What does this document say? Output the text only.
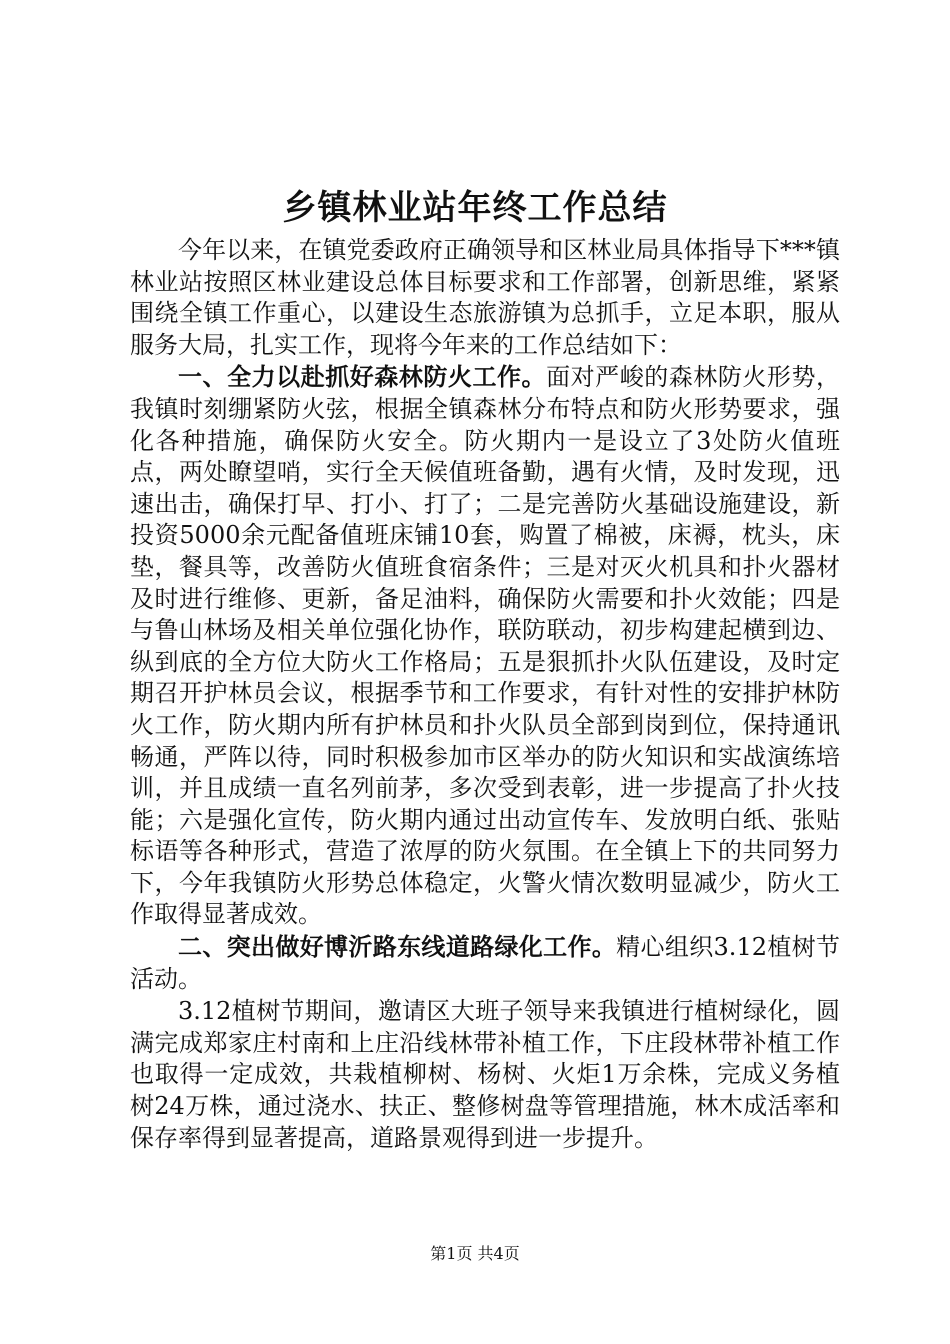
乡镇林业站年终工作总结

今年以来，在镇党委政府正确领导和区林业局具体指导下***镇林业站按照区林业建设总体目标要求和工作部署，创新思维，紧紧围绕全镇工作重心，以建设生态旅游镇为总抓手，立足本职，服从服务大局，扎实工作，现将今年来的工作总结如下：

一、全力以赴抓好森林防火工作。面对严峻的森林防火形势，我镇时刻绷紧防火弦，根据全镇森林分布特点和防火形势要求，强化各种措施，确保防火安全。防火期内一是设立了3处防火值班点，两处瞭望哨，实行全天候值班备勤，遇有火情，及时发现，迅速出击，确保打早、打小、打了；二是完善防火基础设施建设，新投资5000余元配备值班床铺10套，购置了棉被，床褥，枕头，床垫，餐具等，改善防火值班食宿条件；三是对灭火机具和扑火器材及时进行维修、更新，备足油料，确保防火需要和扑火效能；四是与鲁山林场及相关单位强化协作，联防联动，初步构建起横到边、纵到底的全方位大防火工作格局；五是狠抓扑火队伍建设，及时定期召开护林员会议，根据季节和工作要求，有针对性的安排护林防火工作，防火期内所有护林员和扑火队员全部到岗到位，保持通讯畅通，严阵以待，同时积极参加市区举办的防火知识和实战演练培训，并且成绩一直名列前茅，多次受到表彰，进一步提高了扑火技能；六是强化宣传，防火期内通过出动宣传车、发放明白纸、张贴标语等各种形式，营造了浓厚的防火氛围。在全镇上下的共同努力下，今年我镇防火形势总体稳定，火警火情次数明显减少，防火工作取得显著成效。

二、突出做好博沂路东线道路绿化工作。精心组织3.12植树节活动。

3.12植树节期间，邀请区大班子领导来我镇进行植树绿化，圆满完成郑家庄村南和上庄沿线林带补植工作，下庄段林带补植工作也取得一定成效，共栽植柳树、杨树、火炬1万余株，完成义务植树24万株，通过浇水、扶正、整修树盘等管理措施，林木成活率和保存率得到显著提高，道路景观得到进一步提升。

第1页 共4页
